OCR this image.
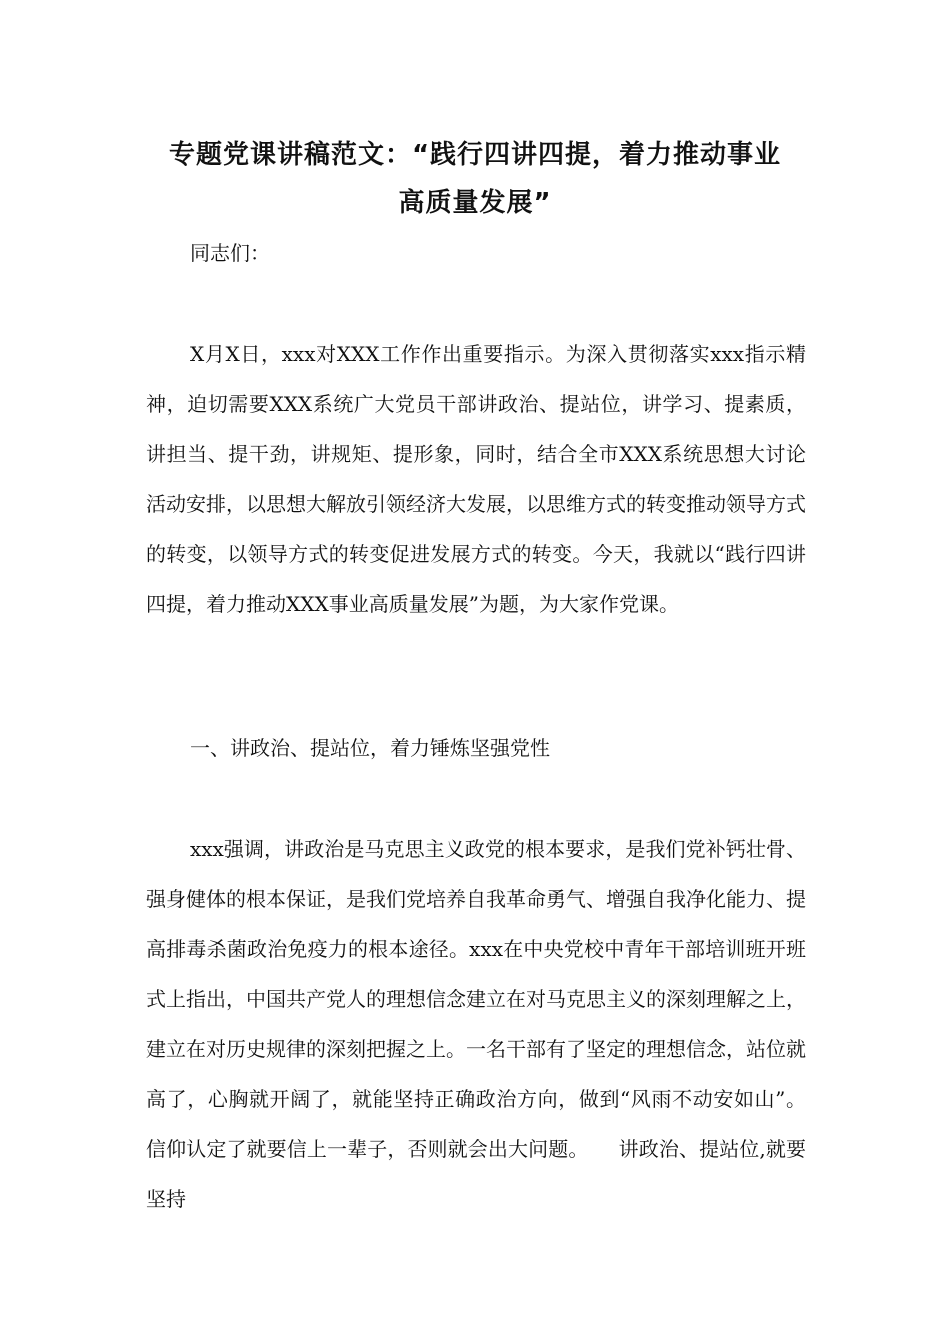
专题党课讲稿范文：“践行四讲四提，着力推动事业
高质量发展”

同志们：

X月X日，xxx对XXX工作作出重要指示。为深入贯彻落实xxx指示精神，迫切需要XXX系统广大党员干部讲政治、提站位，讲学习、提素质，讲担当、提干劲，讲规矩、提形象，同时，结合全市XXX系统思想大讨论活动安排，以思想大解放引领经济大发展，以思维方式的转变推动领导方式的转变，以领导方式的转变促进发展方式的转变。今天，我就以“践行四讲四提，着力推动XXX事业高质量发展”为题，为大家作党课。

一、讲政治、提站位，着力锤炼坚强党性

xxx强调，讲政治是马克思主义政党的根本要求，是我们党补钙壮骨、强身健体的根本保证，是我们党培养自我革命勇气、增强自我净化能力、提高排毒杀菌政治免疫力的根本途径。xxx在中央党校中青年干部培训班开班式上指出，中国共产党人的理想信念建立在对马克思主义的深刻理解之上，建立在对历史规律的深刻把握之上。一名干部有了坚定的理想信念，站位就高了，心胸就开阔了，就能坚持正确政治方向，做到“风雨不动安如山”。信仰认定了就要信上一辈子，否则就会出大问题。　　讲政治、提站位,就要坚持
